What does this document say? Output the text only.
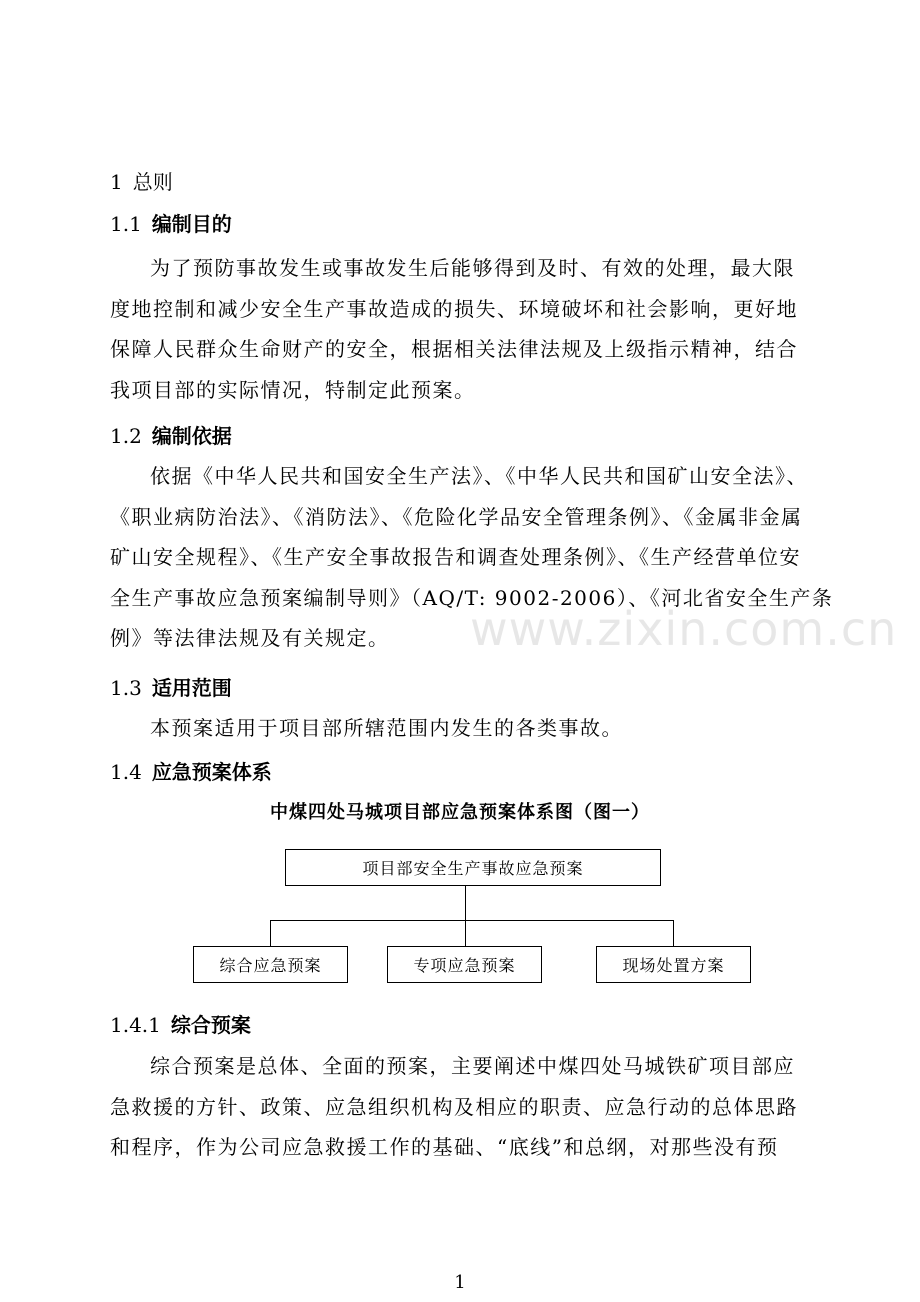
1 总则
1.1 编制目的
为了预防事故发生或事故发生后能够得到及时、有效的处理，最大限
度地控制和减少安全生产事故造成的损失、环境破坏和社会影响，更好地
保障人民群众生命财产的安全，根据相关法律法规及上级指示精神，结合
我项目部的实际情况，特制定此预案。
1.2 编制依据
依据《中华人民共和国安全生产法》、《中华人民共和国矿山安全法》、
《职业病防治法》、《消防法》、《危险化学品安全管理条例》、《金属非金属
矿山安全规程》、《生产安全事故报告和调查处理条例》、《生产经营单位安
全生产事故应急预案编制导则》（AQ/T: 9002-2006）、《河北省安全生产条
例》等法律法规及有关规定。
1.3 适用范围
本预案适用于项目部所辖范围内发生的各类事故。
1.4 应急预案体系
中煤四处马城项目部应急预案体系图（图一）
项目部安全生产事故应急预案
综合应急预案	专项应急预案	现场处置方案
1.4.1 综合预案
综合预案是总体、全面的预案，主要阐述中煤四处马城铁矿项目部应
急救援的方针、政策、应急组织机构及相应的职责、应急行动的总体思路
和程序，作为公司应急救援工作的基础、“底线”和总纲，对那些没有预
www.zixin.com.cn
1
